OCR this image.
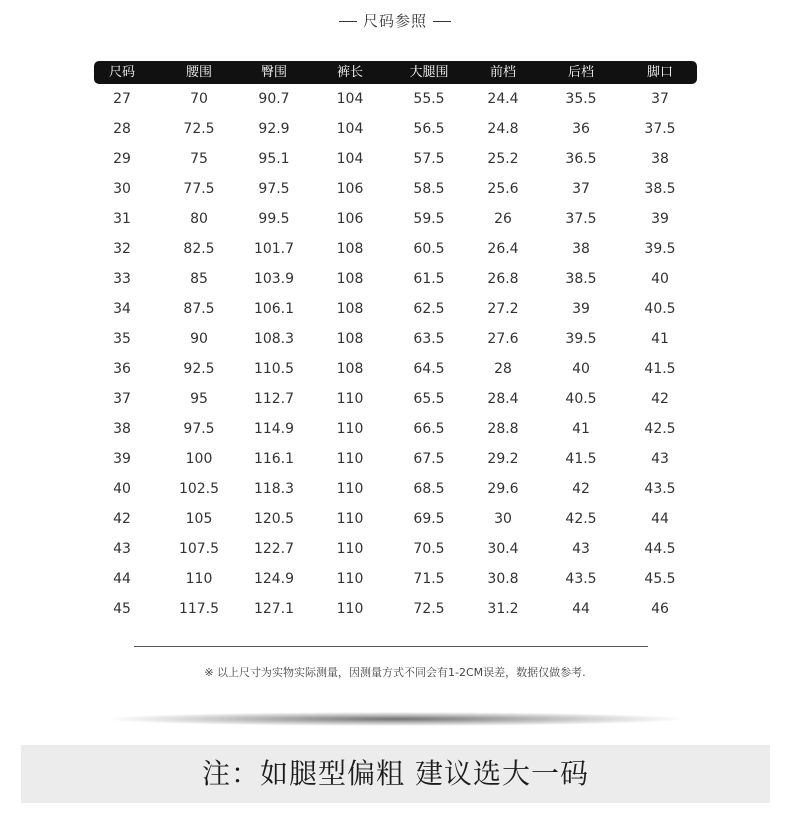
尺码参照
尺码	腰围	臀围	裤长	大腿围	前档	后档	脚口
27	70	90.7	104	55.5	24.4	35.5	37
28	72.5	92.9	104	56.5	24.8	36	37.5
29	75	95.1	104	57.5	25.2	36.5	38
30	77.5	97.5	106	58.5	25.6	37	38.5
31	80	99.5	106	59.5	26	37.5	39
32	82.5	101.7	108	60.5	26.4	38	39.5
33	85	103.9	108	61.5	26.8	38.5	40
34	87.5	106.1	108	62.5	27.2	39	40.5
35	90	108.3	108	63.5	27.6	39.5	41
36	92.5	110.5	108	64.5	28	40	41.5
37	95	112.7	110	65.5	28.4	40.5	42
38	97.5	114.9	110	66.5	28.8	41	42.5
39	100	116.1	110	67.5	29.2	41.5	43
40	102.5	118.3	110	68.5	29.6	42	43.5
42	105	120.5	110	69.5	30	42.5	44
43	107.5	122.7	110	70.5	30.4	43	44.5
44	110	124.9	110	71.5	30.8	43.5	45.5
45	117.5	127.1	110	72.5	31.2	44	46
※ 以上尺寸为实物实际测量，因测量方式不同会有1-2CM误差，数据仅做参考.
注：如腿型偏粗 建议选大一码
